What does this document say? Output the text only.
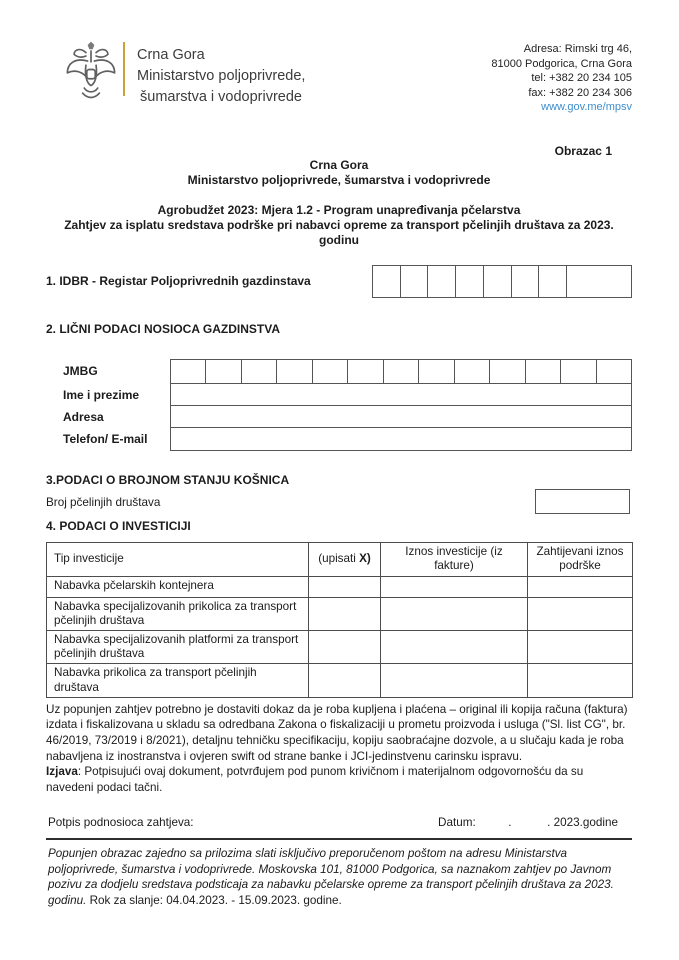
Crna Gora
Ministarstvo poljoprivrede,
šumarstva i vodoprivrede
Adresa: Rimski trg 46,
81000 Podgorica, Crna Gora
tel: +382 20 234 105
fax: +382 20 234 306
www.gov.me/mpsv
Obrazac 1
Crna Gora
Ministarstvo poljoprivrede, šumarstva i vodoprivrede
Agrobudžet 2023: Mjera 1.2 - Program unapređivanja pčelarstva
Zahtjev za isplatu sredstava podrške pri nabavci opreme za transport pčelinjih društava za 2023. godinu
1. IDBR - Registar Poljoprivrednih gazdinstava
2. LIČNI PODACI NOSIOCA GAZDINSTVA
JMBG
Ime i prezime
Adresa
Telefon/ E-mail
3.PODACI O BROJNOM STANJU KOŠNICA
Broj pčelinjih društava
4. PODACI O INVESTICIJI
Tip investicije	(upisati X)	Iznos investicije (iz fakture)	Zahtijevani iznos podrške
Nabavka pčelarskih kontejnera			
Nabavka specijalizovanih prikolica za transport pčelinjih društava			
Nabavka specijalizovanih platformi za transport pčelinjih društava			
Nabavka prikolica za transport pčelinjih društava			
Uz popunjen zahtjev potrebno je dostaviti dokaz da je roba kupljena i plaćena – original ili kopija računa (faktura) izdata i fiskalizovana u skladu sa odredbana Zakona o fiskalizaciji u prometu proizvoda i usluga ("Sl. list CG", br. 46/2019, 73/2019 i 8/2021), detaljnu tehničku specifikaciju, kopiju saobraćajne dozvole, a u slučaju kada je roba nabavljena iz inostranstva i ovjeren swift od strane banke i JCI-jedinstvenu carinsku ispravu.
Izjava: Potpisujući ovaj dokument, potvrđujem pod punom krivičnom i materijalnom odgovornošću da su navedeni podaci tačni.
Potpis podnosioca zahtjeva:	Datum:          .           . 2023.godine
Popunjen obrazac zajedno sa prilozima slati isključivo preporučenom poštom na adresu Ministarstva poljoprivrede, šumarstva i vodoprivrede. Moskovska 101, 81000 Podgorica, sa naznakom zahtjev po Javnom pozivu za dodjelu sredstava podsticaja za nabavku pčelarske opreme za transport pčelinjih društava za 2023. godinu. Rok za slanje: 04.04.2023. - 15.09.2023. godine.
